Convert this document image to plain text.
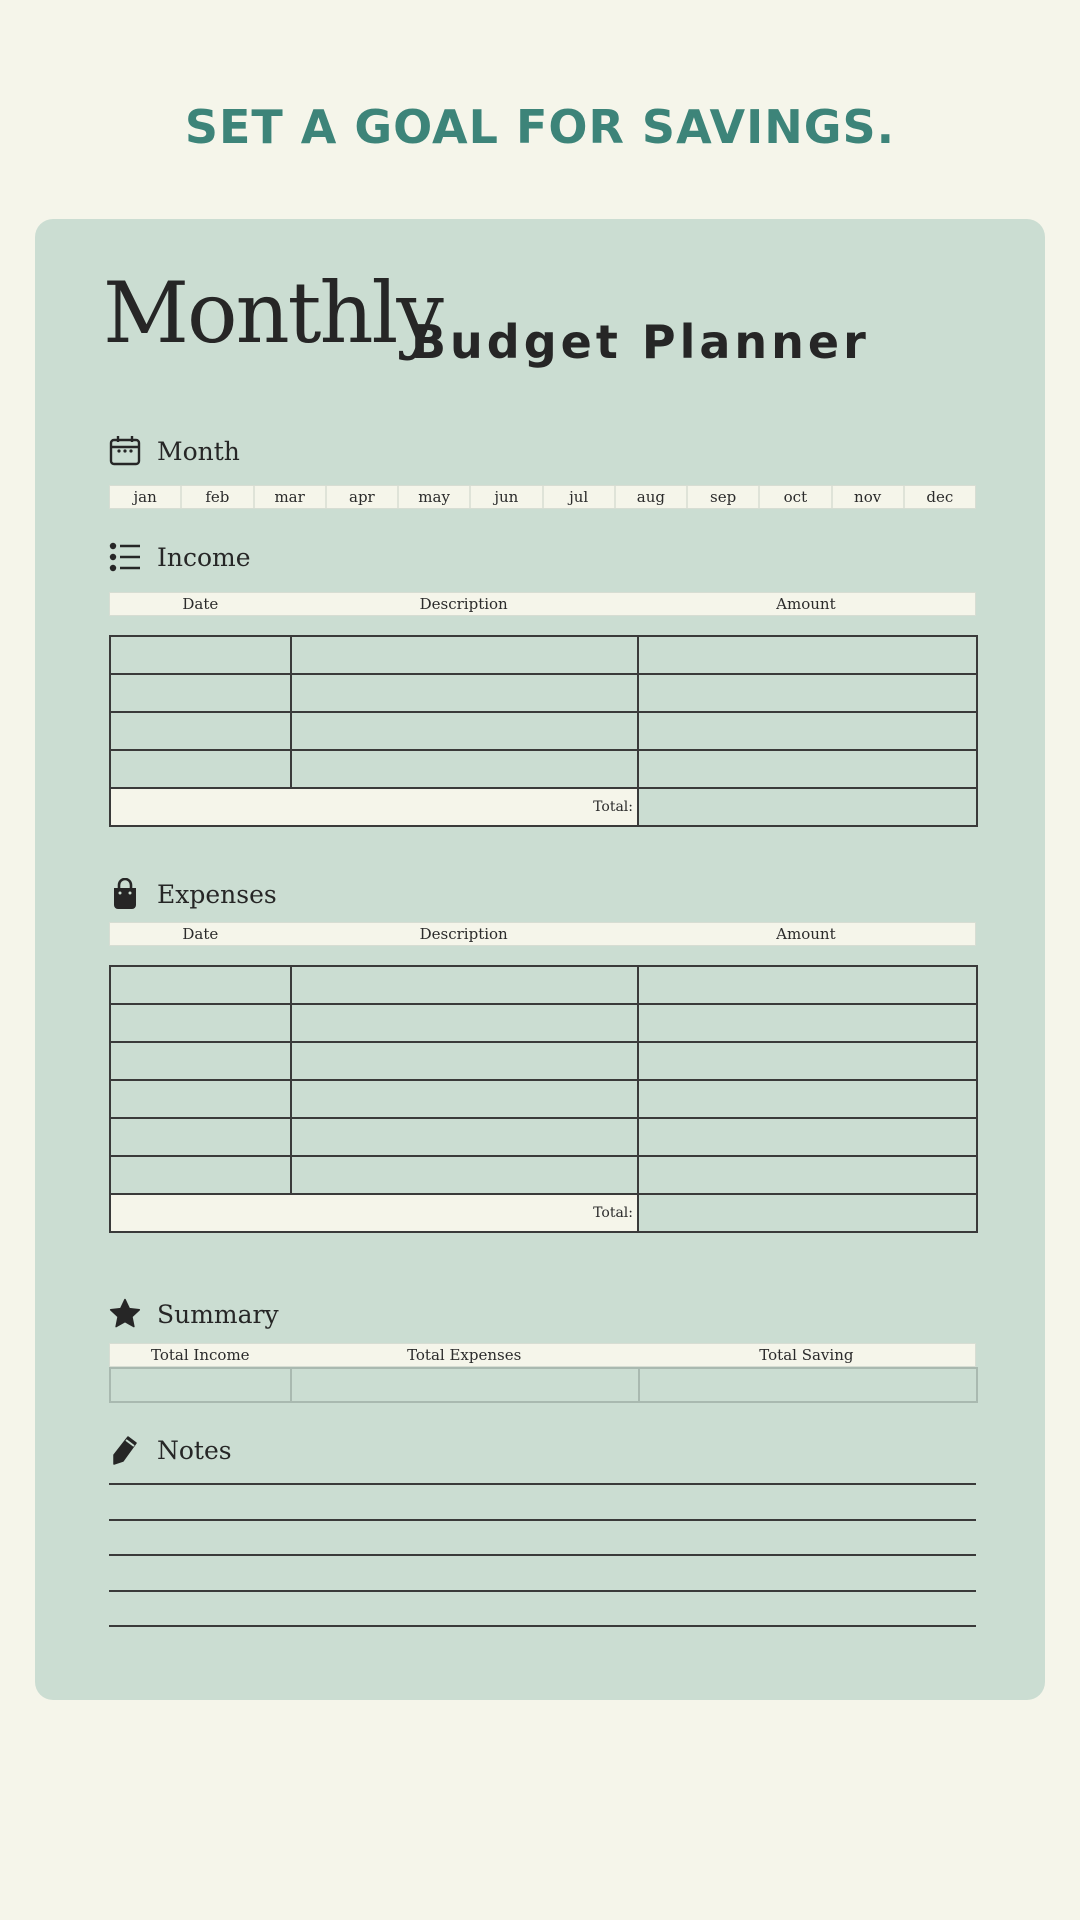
SET A GOAL FOR SAVINGS.
Monthly
Budget Planner
Month
jan	feb	mar	apr	may	jun	jul	aug	sep	oct	nov	dec
Income
Date	Description	Amount

Total:		
Expenses
Date	Description	Amount

Total:		
Summary
Total Income	Total Expenses	Total Saving

Notes
